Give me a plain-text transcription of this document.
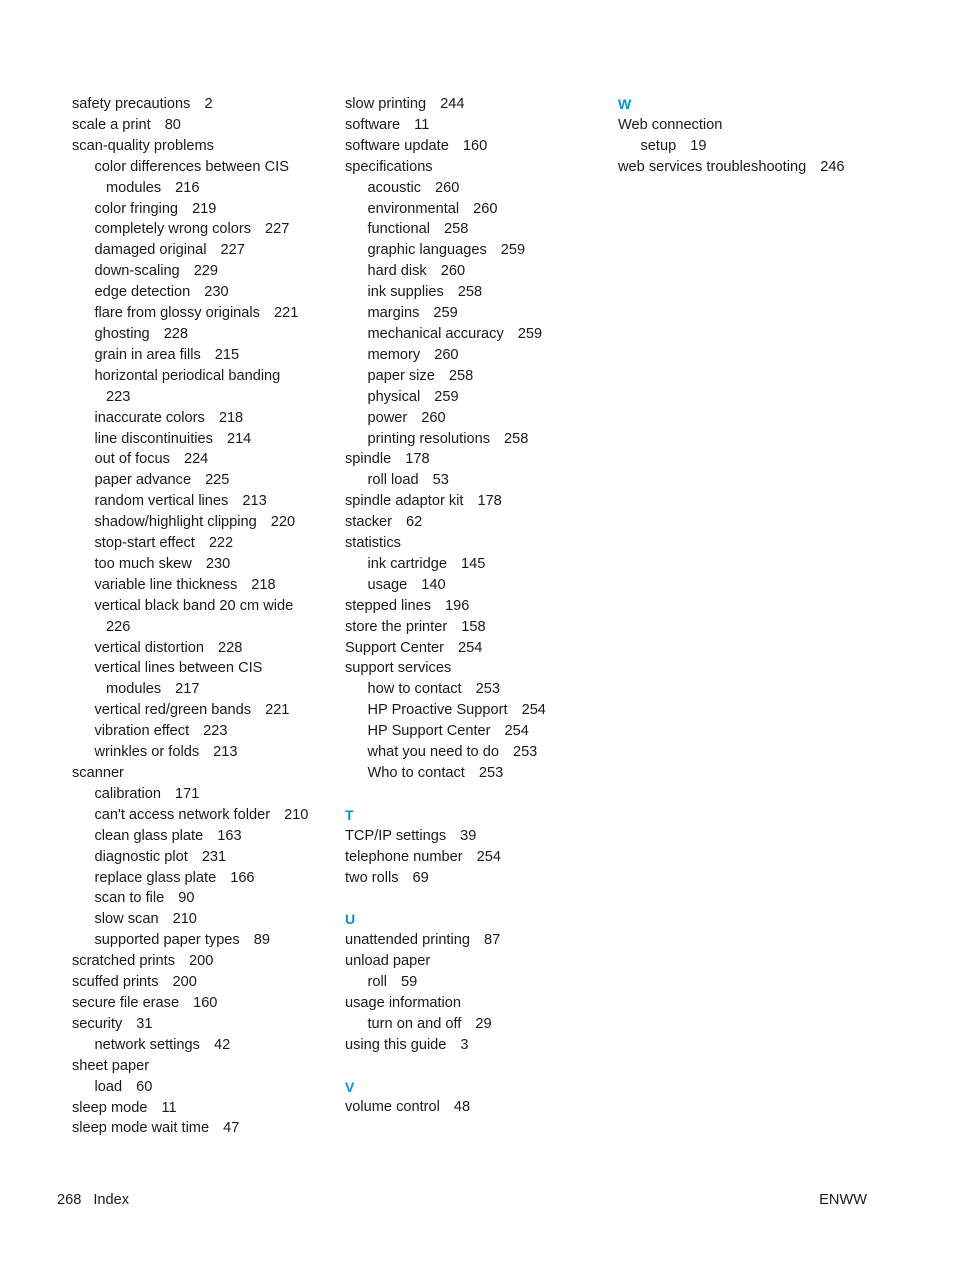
safety precautions 2
scale a print 80
scan-quality problems
color differences between CIS
modules 216
color fringing 219
completely wrong colors 227
damaged original 227
down-scaling 229
edge detection 230
flare from glossy originals 221
ghosting 228
grain in area fills 215
horizontal periodical banding
223
inaccurate colors 218
line discontinuities 214
out of focus 224
paper advance 225
random vertical lines 213
shadow/highlight clipping 220
stop-start effect 222
too much skew 230
variable line thickness 218
vertical black band 20 cm wide
226
vertical distortion 228
vertical lines between CIS
modules 217
vertical red/green bands 221
vibration effect 223
wrinkles or folds 213
scanner
calibration 171
can't access network folder 210
clean glass plate 163
diagnostic plot 231
replace glass plate 166
scan to file 90
slow scan 210
supported paper types 89
scratched prints 200
scuffed prints 200
secure file erase 160
security 31
network settings 42
sheet paper
load 60
sleep mode 11
sleep mode wait time 47
slow printing 244
software 11
software update 160
specifications
acoustic 260
environmental 260
functional 258
graphic languages 259
hard disk 260
ink supplies 258
margins 259
mechanical accuracy 259
memory 260
paper size 258
physical 259
power 260
printing resolutions 258
spindle 178
roll load 53
spindle adaptor kit 178
stacker 62
statistics
ink cartridge 145
usage 140
stepped lines 196
store the printer 158
Support Center 254
support services
how to contact 253
HP Proactive Support 254
HP Support Center 254
what you need to do 253
Who to contact 253
T
TCP/IP settings 39
telephone number 254
two rolls 69
U
unattended printing 87
unload paper
roll 59
usage information
turn on and off 29
using this guide 3
V
volume control 48
W
Web connection
setup 19
web services troubleshooting 246
268 Index	ENWW
